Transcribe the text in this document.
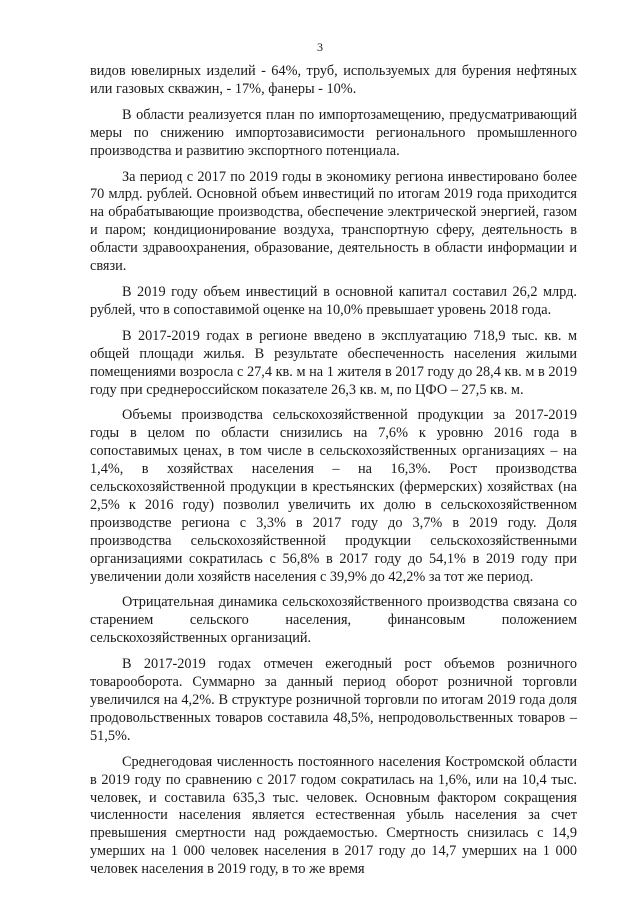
3

видов ювелирных изделий - 64%, труб, используемых для бурения нефтяных или газовых скважин, - 17%, фанеры - 10%.

В области реализуется план по импортозамещению, предусматривающий меры по снижению импортозависимости регионального промышленного производства и развитию экспортного потенциала.

За период с 2017 по 2019 годы в экономику региона инвестировано более 70 млрд. рублей. Основной объем инвестиций по итогам 2019 года приходится на обрабатывающие производства, обеспечение электрической энергией, газом и паром; кондиционирование воздуха, транспортную сферу, деятельность в области здравоохранения, образование, деятельность в области информации и связи.

В 2019 году объем инвестиций в основной капитал составил 26,2 млрд. рублей, что в сопоставимой оценке на 10,0% превышает уровень 2018 года.

В 2017-2019 годах в регионе введено в эксплуатацию 718,9 тыс. кв. м общей площади жилья. В результате обеспеченность населения жилыми помещениями возросла с 27,4 кв. м на 1 жителя в 2017 году до 28,4 кв. м в 2019 году при среднероссийском показателе 26,3 кв. м, по ЦФО – 27,5 кв. м.

Объемы производства сельскохозяйственной продукции за 2017-2019 годы в целом по области снизились на 7,6% к уровню 2016 года в сопоставимых ценах, в том числе в сельскохозяйственных организациях – на 1,4%, в хозяйствах населения – на 16,3%. Рост производства сельскохозяйственной продукции в крестьянских (фермерских) хозяйствах (на 2,5% к 2016 году) позволил увеличить их долю в сельскохозяйственном производстве региона с 3,3% в 2017 году до 3,7% в 2019 году. Доля производства сельскохозяйственной продукции сельскохозяйственными организациями сократилась с 56,8% в 2017 году до 54,1% в 2019 году при увеличении доли хозяйств населения с 39,9% до 42,2% за тот же период.

Отрицательная динамика сельскохозяйственного производства связана со старением сельского населения, финансовым положением сельскохозяйственных организаций.

В 2017-2019 годах отмечен ежегодный рост объемов розничного товарооборота. Суммарно за данный период оборот розничной торговли увеличился на 4,2%. В структуре розничной торговли по итогам 2019 года доля продовольственных товаров составила 48,5%, непродовольственных товаров – 51,5%.

Среднегодовая численность постоянного населения Костромской области в 2019 году по сравнению с 2017 годом сократилась на 1,6%, или на 10,4 тыс. человек, и составила 635,3 тыс. человек. Основным фактором сокращения численности населения является естественная убыль населения за счет превышения смертности над рождаемостью. Смертность снизилась с 14,9 умерших на 1 000 человек населения в 2017 году до 14,7 умерших на 1 000 человек населения в 2019 году, в то же время
